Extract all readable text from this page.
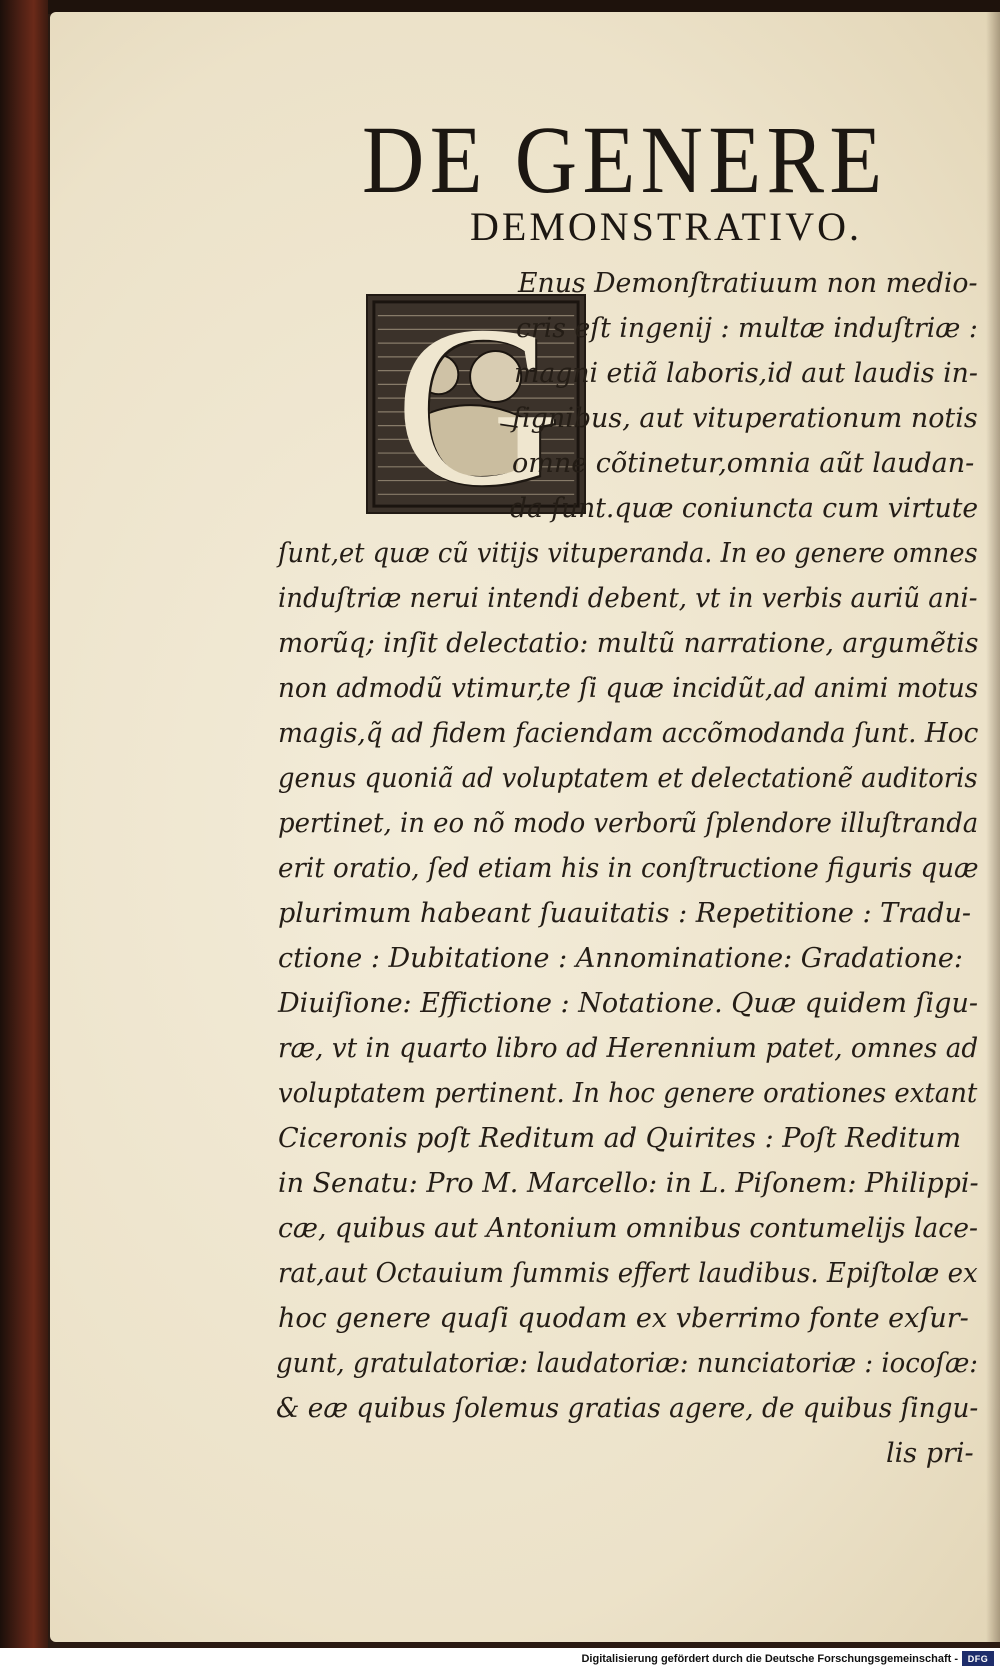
DE GENERE
DEMONSTRATIVO.
G

Enus Demonſtratiuum non medio-

cris eſt ingenij : multæ induſtriæ :

magni etiã laboris,id aut laudis in-

ſignibus, aut vituperationum notis

omne cõtinetur,omnia aũt laudan-

da ſunt.quæ coniuncta cum virtute

ſunt,et quæ cũ vitijs vituperanda. In eo genere omnes

induſtriæ nerui intendi debent, vt in verbis auriũ ani-

morũq; inſit delectatio: multũ narratione, argumẽtis

non admodũ vtimur,te ſi quæ incidũt,ad animi motus

magis,q̃ ad fidem faciendam accõmodanda ſunt. Hoc

genus quoniã ad voluptatem et delectationẽ auditoris

pertinet, in eo nõ modo verborũ ſplendore illuſtranda

erit oratio, ſed etiam his in conſtructione figuris quæ

plurimum habeant ſuauitatis : Repetitione : Tradu-

ctione : Dubitatione : Annominatione: Gradatione:

Diuiſione: Effictione : Notatione. Quæ quidem ſigu-

ræ, vt in quarto libro ad Herennium patet, omnes ad

voluptatem pertinent. In hoc genere orationes extant

Ciceronis poſt Reditum ad Quirites : Poſt Reditum

in Senatu: Pro M. Marcello: in L. Piſonem: Philippi-

cæ, quibus aut Antonium omnibus contumelijs lace-

rat,aut Octauium ſummis effert laudibus. Epiſtolæ ex

hoc genere quaſi quodam ex vberrimo fonte exſur-

gunt, gratulatoriæ: laudatoriæ: nunciatoriæ : iocoſæ:

& eæ quibus ſolemus gratias agere, de quibus ſingu-

lis pri-

Digitalisierung gefördert durch die Deutsche Forschungsgemeinschaft -	DFG
